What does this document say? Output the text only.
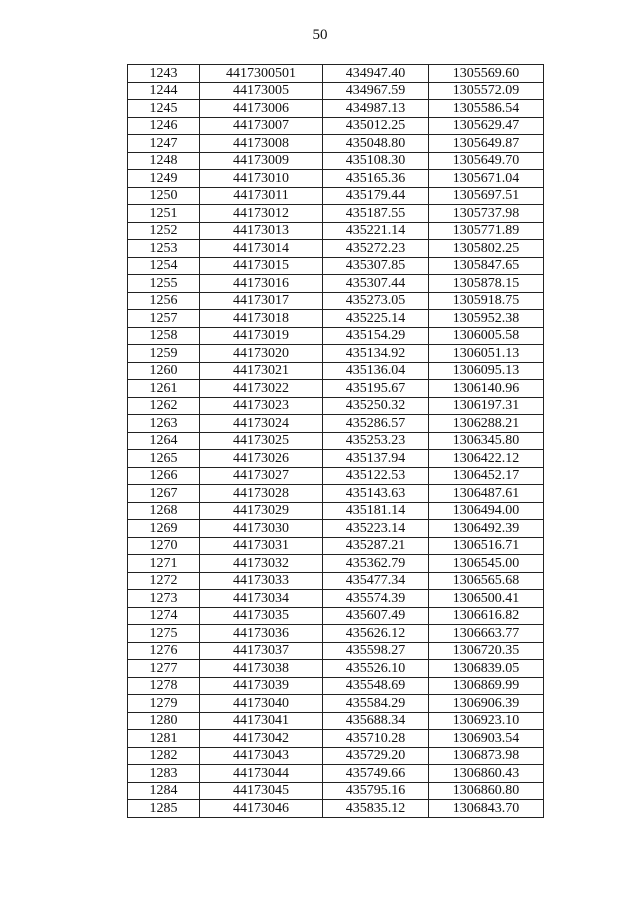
50
1243	4417300501	434947.40	1305569.60
1244	44173005	434967.59	1305572.09
1245	44173006	434987.13	1305586.54
1246	44173007	435012.25	1305629.47
1247	44173008	435048.80	1305649.87
1248	44173009	435108.30	1305649.70
1249	44173010	435165.36	1305671.04
1250	44173011	435179.44	1305697.51
1251	44173012	435187.55	1305737.98
1252	44173013	435221.14	1305771.89
1253	44173014	435272.23	1305802.25
1254	44173015	435307.85	1305847.65
1255	44173016	435307.44	1305878.15
1256	44173017	435273.05	1305918.75
1257	44173018	435225.14	1305952.38
1258	44173019	435154.29	1306005.58
1259	44173020	435134.92	1306051.13
1260	44173021	435136.04	1306095.13
1261	44173022	435195.67	1306140.96
1262	44173023	435250.32	1306197.31
1263	44173024	435286.57	1306288.21
1264	44173025	435253.23	1306345.80
1265	44173026	435137.94	1306422.12
1266	44173027	435122.53	1306452.17
1267	44173028	435143.63	1306487.61
1268	44173029	435181.14	1306494.00
1269	44173030	435223.14	1306492.39
1270	44173031	435287.21	1306516.71
1271	44173032	435362.79	1306545.00
1272	44173033	435477.34	1306565.68
1273	44173034	435574.39	1306500.41
1274	44173035	435607.49	1306616.82
1275	44173036	435626.12	1306663.77
1276	44173037	435598.27	1306720.35
1277	44173038	435526.10	1306839.05
1278	44173039	435548.69	1306869.99
1279	44173040	435584.29	1306906.39
1280	44173041	435688.34	1306923.10
1281	44173042	435710.28	1306903.54
1282	44173043	435729.20	1306873.98
1283	44173044	435749.66	1306860.43
1284	44173045	435795.16	1306860.80
1285	44173046	435835.12	1306843.70
